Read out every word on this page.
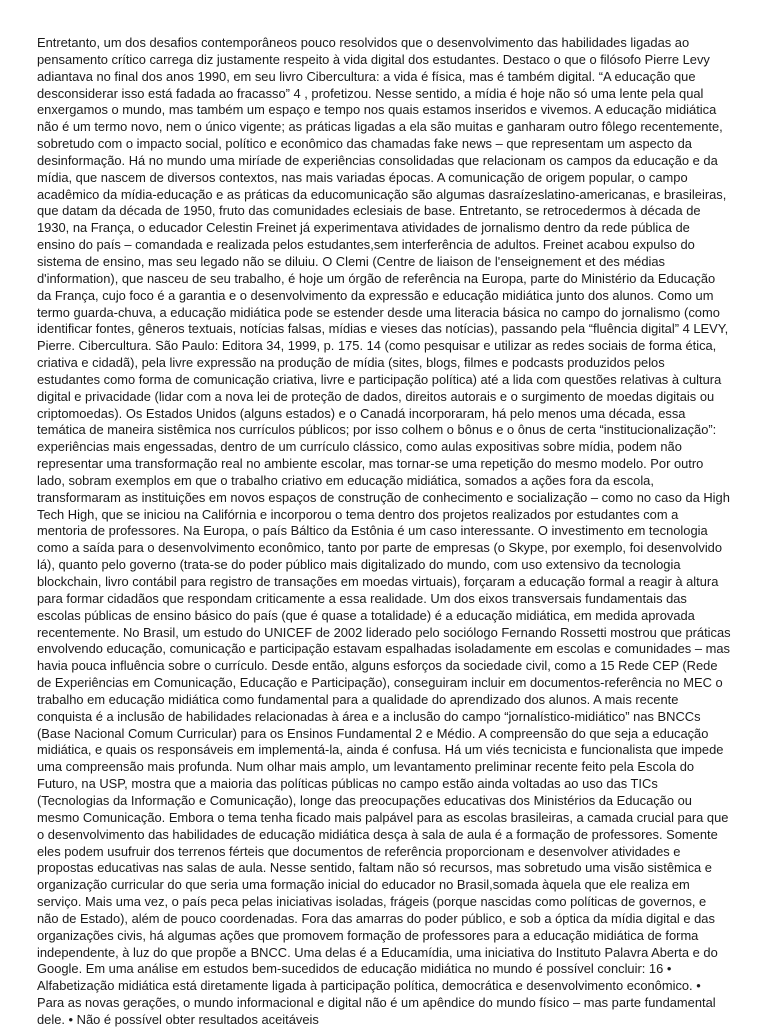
Entretanto, um dos desafios contemporâneos pouco resolvidos que o desenvolvimento das habilidades ligadas ao pensamento crítico carrega diz justamente respeito à vida digital dos estudantes. Destaco o que o filósofo Pierre Levy adiantava no final dos anos 1990, em seu livro Cibercultura: a vida é física, mas é também digital. “A educação que desconsiderar isso está fadada ao fracasso” 4 , profetizou. Nesse sentido, a mídia é hoje não só uma lente pela qual enxergamos o mundo, mas também um espaço e tempo nos quais estamos inseridos e vivemos. A educação midiática não é um termo novo, nem o único vigente; as práticas ligadas a ela são muitas e ganharam outro fôlego recentemente, sobretudo com o impacto social, político e econômico das chamadas fake news – que representam um aspecto da desinformação. Há no mundo uma miríade de experiências consolidadas que relacionam os campos da educação e da mídia, que nascem de diversos contextos, nas mais variadas épocas. A comunicação de origem popular, o campo acadêmico da mídia-educação e as práticas da educomunicação são algumas dasraízeslatino-americanas, e brasileiras, que datam da década de 1950, fruto das comunidades eclesiais de base. Entretanto, se retrocedermos à década de 1930, na França, o educador Celestin Freinet já experimentava atividades de jornalismo dentro da rede pública de ensino do país – comandada e realizada pelos estudantes,sem interferência de adultos. Freinet acabou expulso do sistema de ensino, mas seu legado não se diluiu. O Clemi (Centre de liaison de l'enseignement et des médias d'information), que nasceu de seu trabalho, é hoje um órgão de referência na Europa, parte do Ministério da Educação da França, cujo foco é a garantia e o desenvolvimento da expressão e educação midiática junto dos alunos. Como um termo guarda-chuva, a educação midiática pode se estender desde uma literacia básica no campo do jornalismo (como identificar fontes, gêneros textuais, notícias falsas, mídias e vieses das notícias), passando pela “fluência digital” 4 LEVY, Pierre. Cibercultura. São Paulo: Editora 34, 1999, p. 175. 14 (como pesquisar e utilizar as redes sociais de forma ética, criativa e cidadã), pela livre expressão na produção de mídia (sites, blogs, filmes e podcasts produzidos pelos estudantes como forma de comunicação criativa, livre e participação política) até a lida com questões relativas à cultura digital e privacidade (lidar com a nova lei de proteção de dados, direitos autorais e o surgimento de moedas digitais ou criptomoedas). Os Estados Unidos (alguns estados) e o Canadá incorporaram, há pelo menos uma década, essa temática de maneira sistêmica nos currículos públicos; por isso colhem o bônus e o ônus de certa “institucionalização”: experiências mais engessadas, dentro de um currículo clássico, como aulas expositivas sobre mídia, podem não representar uma transformação real no ambiente escolar, mas tornar-se uma repetição do mesmo modelo. Por outro lado, sobram exemplos em que o trabalho criativo em educação midiática, somados a ações fora da escola, transformaram as instituições em novos espaços de construção de conhecimento e socialização – como no caso da High Tech High, que se iniciou na Califórnia e incorporou o tema dentro dos projetos realizados por estudantes com a mentoria de professores. Na Europa, o país Báltico da Estônia é um caso interessante. O investimento em tecnologia como a saída para o desenvolvimento econômico, tanto por parte de empresas (o Skype, por exemplo, foi desenvolvido lá), quanto pelo governo (trata-se do poder público mais digitalizado do mundo, com uso extensivo da tecnologia blockchain, livro contábil para registro de transações em moedas virtuais), forçaram a educação formal a reagir à altura para formar cidadãos que respondam criticamente a essa realidade. Um dos eixos transversais fundamentais das escolas públicas de ensino básico do país (que é quase a totalidade) é a educação midiática, em medida aprovada recentemente. No Brasil, um estudo do UNICEF de 2002 liderado pelo sociólogo Fernando Rossetti mostrou que práticas envolvendo educação, comunicação e participação estavam espalhadas isoladamente em escolas e comunidades – mas havia pouca influência sobre o currículo. Desde então, alguns esforços da sociedade civil, como a 15 Rede CEP (Rede de Experiências em Comunicação, Educação e Participação), conseguiram incluir em documentos-referência no MEC o trabalho em educação midiática como fundamental para a qualidade do aprendizado dos alunos. A mais recente conquista é a inclusão de habilidades relacionadas à área e a inclusão do campo “jornalístico-midiático” nas BNCCs (Base Nacional Comum Curricular) para os Ensinos Fundamental 2 e Médio. A compreensão do que seja a educação midiática, e quais os responsáveis em implementá-la, ainda é confusa. Há um viés tecnicista e funcionalista que impede uma compreensão mais profunda. Num olhar mais amplo, um levantamento preliminar recente feito pela Escola do Futuro, na USP, mostra que a maioria das políticas públicas no campo estão ainda voltadas ao uso das TICs (Tecnologias da Informação e Comunicação), longe das preocupações educativas dos Ministérios da Educação ou mesmo Comunicação. Embora o tema tenha ficado mais palpável para as escolas brasileiras, a camada crucial para que o desenvolvimento das habilidades de educação midiática desça à sala de aula é a formação de professores. Somente eles podem usufruir dos terrenos férteis que documentos de referência proporcionam e desenvolver atividades e propostas educativas nas salas de aula. Nesse sentido, faltam não só recursos, mas sobretudo uma visão sistêmica e organização curricular do que seria uma formação inicial do educador no Brasil,somada àquela que ele realiza em serviço. Mais uma vez, o país peca pelas iniciativas isoladas, frágeis (porque nascidas como políticas de governos, e não de Estado), além de pouco coordenadas. Fora das amarras do poder público, e sob a óptica da mídia digital e das organizações civis, há algumas ações que promovem formação de professores para a educação midiática de forma independente, à luz do que propõe a BNCC. Uma delas é a Educamídia, uma iniciativa do Instituto Palavra Aberta e do Google. Em uma análise em estudos bem-sucedidos de educação midiática no mundo é possível concluir: 16 • Alfabetização midiática está diretamente ligada à participação política, democrática e desenvolvimento econômico. • Para as novas gerações, o mundo informacional e digital não é um apêndice do mundo físico – mas parte fundamental dele. • Não é possível obter resultados aceitáveis
